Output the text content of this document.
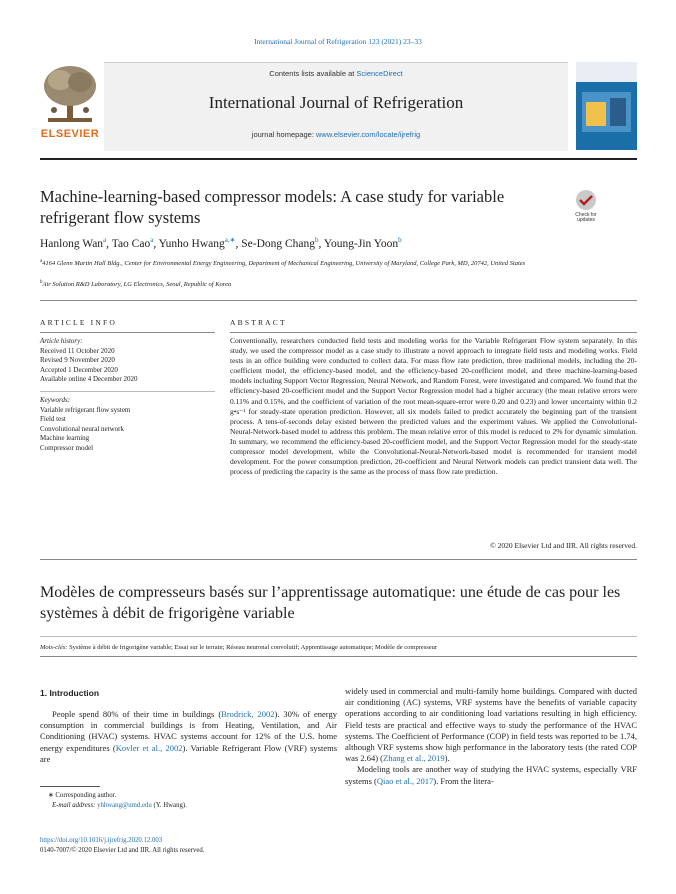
International Journal of Refrigeration 123 (2021) 23–33
ELSEVIER
Contents lists available at ScienceDirect
International Journal of Refrigeration
journal homepage: www.elsevier.com/locate/ijrefrig
Machine-learning-based compressor models: A case study for variable refrigerant flow systems	Check for
updates
Hanlong Wan$^a$, Tao Cao$^a$, Yunho Hwang$^{a,∗}$, Se-Dong Chang$^b$, Young-Jin Yoon$^b$
$^a$4164 Glenn Martin Hall Bldg., Center for Environmental Energy Engineering, Department of Mechanical Engineering, University of Maryland, College Park, MD, 20742, United States
$^b$Air Solution R&D Laboratory, LG Electronics, Seoul, Republic of Korea
ARTICLE INFO	ABSTRACT
Article history:
Received 11 October 2020
Revised 9 November 2020
Accepted 1 December 2020
Available online 4 December 2020
Keywords:
Variable refrigerant flow system
Field test
Convolutional neural network
Machine learning
Compressor model
Conventionally, researchers conducted field tests and modeling works for the Variable Refrigerant Flow system separately. In this study, we used the compressor model as a case study to illustrate a novel approach to integrate field tests and modeling works. Field tests in an office building were conducted to collect data. For mass flow rate prediction, three traditional models, including the 20-coefficient model, the efficiency-based model, and the efficiency-based 20-coefficient model, and three machine-learning-based models including Support Vector Regression, Neural Network, and Random Forest, were investigated and compared. We found that the efficiency-based 20-coefficient model and the Support Vector Regression model had a higher accuracy (the mean relative errors were 0.11% and 0.15%, and the coefficient of variation of the root mean-square-error were 0.20 and 0.23) and lower uncertainty within 0.2 g•s⁻¹ for steady-state operation prediction. However, all six models failed to predict accurately the beginning part of the transient process. A tens-of-seconds delay existed between the predicted values and the experiment values. We applied the Convolutional-Neural-Network-based model to address this problem. The mean relative error of this model is reduced to 2% for dynamic simulation. In summary, we recommend the efficiency-based 20-coefficient model, and the Support Vector Regression model for the steady-state compressor model development, while the Convolutional-Neural-Network-based model is recommended for transient model development. For the power consumption prediction, 20-coefficient and Neural Network models can predict transient data well. The process of predicting the capacity is the same as the process of mass flow rate prediction.
© 2020 Elsevier Ltd and IIR. All rights reserved.
Modèles de compresseurs basés sur l’apprentissage automatique: une étude de cas pour les systèmes à débit de frigorigène variable
Mots-clés: Système à débit de frigorigène variable; Essai sur le terrain; Réseau neuronal convolutif; Apprentissage automatique; Modèle de compresseur
1. Introduction
People spend 80% of their time in buildings (Brodrick, 2002). 30% of energy consumption in commercial buildings is from Heating, Ventilation, and Air Conditioning (HVAC) systems. HVAC systems account for 12% of the U.S. home energy expenditures (Kovler et al., 2002). Variable Refrigerant Flow (VRF) systems are
widely used in commercial and multi-family home buildings. Compared with ducted air conditioning (AC) systems, VRF systems have the benefits of variable capacity operations according to air conditioning load variations resulting in high efficiency. Field tests are practical and effective ways to study the performance of the HVAC systems. The Coefficient of Performance (COP) in field tests was reported to be 1.74, although VRF systems show high performance in the laboratory tests (the rated COP was 2.64) (Zhang et al., 2019).
Modeling tools are another way of studying the HVAC systems, especially VRF systems (Qiao et al., 2017). From the litera-
∗ Corresponding author.
E-mail address: yhhwang@umd.edu (Y. Hwang).
https://doi.org/10.1016/j.ijrefrig.2020.12.003
0140-7007/© 2020 Elsevier Ltd and IIR. All rights reserved.
